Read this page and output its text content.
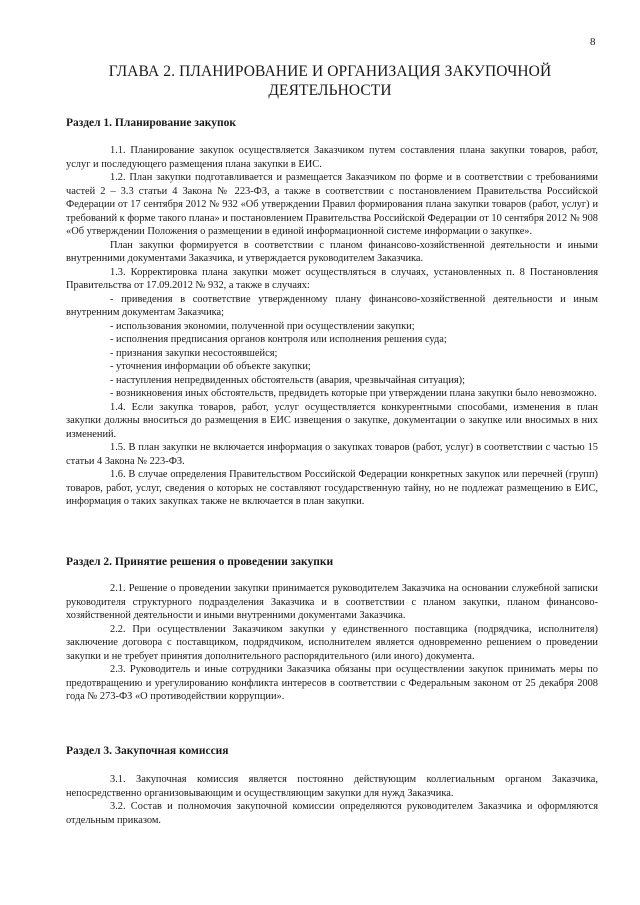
8
ГЛАВА 2. ПЛАНИРОВАНИЕ И ОРГАНИЗАЦИЯ ЗАКУПОЧНОЙ ДЕЯТЕЛЬНОСТИ
Раздел 1. Планирование закупок

1.1. Планирование закупок осуществляется Заказчиком путем составления плана закупки товаров, работ, услуг и последующего размещения плана закупки в ЕИС.

1.2. План закупки подготавливается и размещается Заказчиком по форме и в соответствии с требованиями частей 2 – 3.3 статьи 4 Закона № 223-ФЗ, а также в соответствии с постановлением Правительства Российской Федерации от 17 сентября 2012 № 932 «Об утверждении Правил формирования плана закупки товаров (работ, услуг) и требований к форме такого плана» и постановлением Правительства Российской Федерации от 10 сентября 2012 № 908 «Об утверждении Положения о размещении в единой информационной системе информации о закупке».

План закупки формируется в соответствии с планом финансово-хозяйственной деятельности и иными внутренними документами Заказчика, и утверждается руководителем Заказчика.

1.3. Корректировка плана закупки может осуществляться в случаях, установленных п. 8 Постановления Правительства от 17.09.2012 № 932, а также в случаях:

- приведения в соответствие утвержденному плану финансово-хозяйственной деятельности и иным внутренним документам Заказчика;

- использования экономии, полученной при осуществлении закупки;

- исполнения предписания органов контроля или исполнения решения суда;

- признания закупки несостоявшейся;

- уточнения информации об объекте закупки;

- наступления непредвиденных обстоятельств (авария, чрезвычайная ситуация);

- возникновения иных обстоятельств, предвидеть которые при утверждении плана закупки было невозможно.

1.4. Если закупка товаров, работ, услуг осуществляется конкурентными способами, изменения в план закупки должны вноситься до размещения в ЕИС извещения о закупке, документации о закупке или вносимых в них изменений.

1.5. В план закупки не включается информация о закупках товаров (работ, услуг) в соответствии с частью 15 статьи 4 Закона № 223-ФЗ.

1.6. В случае определения Правительством Российской Федерации конкретных закупок или перечней (групп) товаров, работ, услуг, сведения о которых не составляют государственную тайну, но не подлежат размещению в ЕИС, информация о таких закупках также не включается в план закупки.

Раздел 2. Принятие решения о проведении закупки

2.1. Решение о проведении закупки принимается руководителем Заказчика на основании служебной записки руководителя структурного подразделения Заказчика и в соответствии с планом закупки, планом финансово-хозяйственной деятельности и иными внутренними документами Заказчика.

2.2. При осуществлении Заказчиком закупки у единственного поставщика (подрядчика, исполнителя) заключение договора с поставщиком, подрядчиком, исполнителем является одновременно решением о проведении закупки и не требует принятия дополнительного распорядительного (или иного) документа.

2.3. Руководитель и иные сотрудники Заказчика обязаны при осуществлении закупок принимать меры по предотвращению и урегулированию конфликта интересов в соответствии с Федеральным законом от 25 декабря 2008 года № 273-ФЗ «О противодействии коррупции».

Раздел 3. Закупочная комиссия

3.1. Закупочная комиссия является постоянно действующим коллегиальным органом Заказчика, непосредственно организовывающим и осуществляющим закупки для нужд Заказчика.

3.2. Состав и полномочия закупочной комиссии определяются руководителем Заказчика и оформляются отдельным приказом.
